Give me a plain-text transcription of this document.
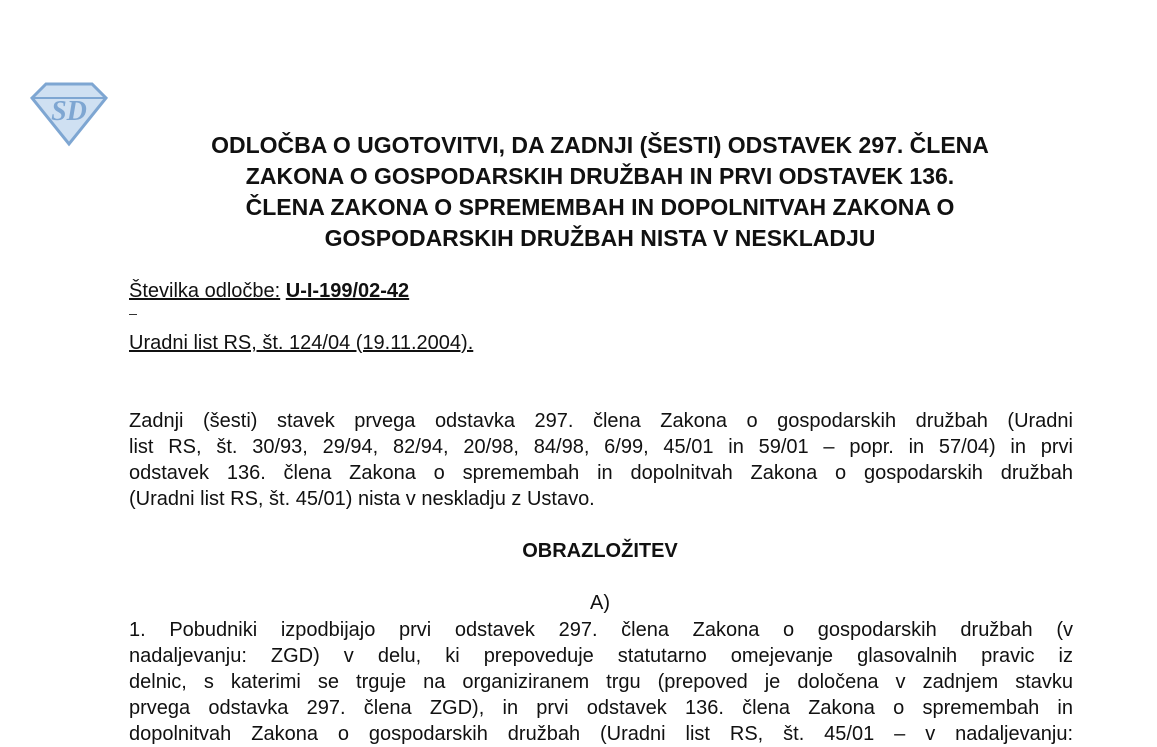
SD
ODLOČBA O UGOTOVITVI, DA ZADNJI (ŠESTI) ODSTAVEK 297. ČLENA
ZAKONA O GOSPODARSKIH DRUŽBAH IN PRVI ODSTAVEK 136.
ČLENA ZAKONA O SPREMEMBAH IN DOPOLNITVAH ZAKONA O
GOSPODARSKIH DRUŽBAH NISTA V NESKLADJU
Številka odločbe: U-I-199/02-42
Uradni list RS, št. 124/04 (19.11.2004).
Zadnji (šesti) stavek prvega odstavka 297. člena Zakona o gospodarskih družbah (Uradni
list RS, št. 30/93, 29/94, 82/94, 20/98, 84/98, 6/99, 45/01 in 59/01 – popr. in 57/04) in prvi
odstavek 136. člena Zakona o spremembah in dopolnitvah Zakona o gospodarskih družbah
(Uradni list RS, št. 45/01) nista v neskladju z Ustavo.
OBRAZLOŽITEV
A)
1. Pobudniki izpodbijajo prvi odstavek 297. člena Zakona o gospodarskih družbah (v
nadaljevanju: ZGD) v delu, ki prepoveduje statutarno omejevanje glasovalnih pravic iz
delnic, s katerimi se trguje na organiziranem trgu (prepoved je določena v zadnjem stavku
prvega odstavka 297. člena ZGD), in prvi odstavek 136. člena Zakona o spremembah in
dopolnitvah Zakona o gospodarskih družbah (Uradni list RS, št. 45/01 – v nadaljevanju:
